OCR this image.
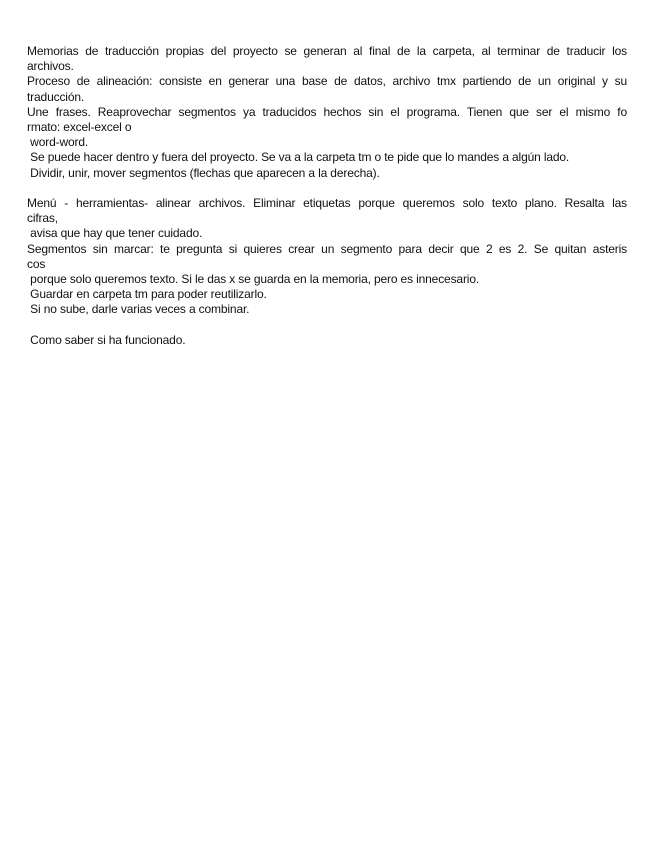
Memorias de traducción propias del proyecto se generan al final de la carpeta, al terminar de traducir los
archivos.
Proceso de alineación: consiste en generar una base de datos, archivo tmx partiendo de un original y su
traducción.
Une frases. Reaprovechar segmentos ya traducidos hechos sin el programa. Tienen que ser el mismo fo
rmato: excel-excel o
word-word.
Se puede hacer dentro y fuera del proyecto. Se va a la carpeta tm o te pide que lo mandes a algún lado.
Dividir, unir, mover segmentos (flechas que aparecen a la derecha).
Menú - herramientas- alinear archivos. Eliminar etiquetas porque queremos solo texto plano. Resalta las
cifras,
avisa que hay que tener cuidado.
Segmentos sin marcar: te pregunta si quieres crear un segmento para decir que 2 es 2. Se quitan asteris
cos
porque solo queremos texto. Si le das x se guarda en la memoria, pero es innecesario.
Guardar en carpeta tm para poder reutilizarlo.
Si no sube, darle varias veces a combinar.
Como saber si ha funcionado.
